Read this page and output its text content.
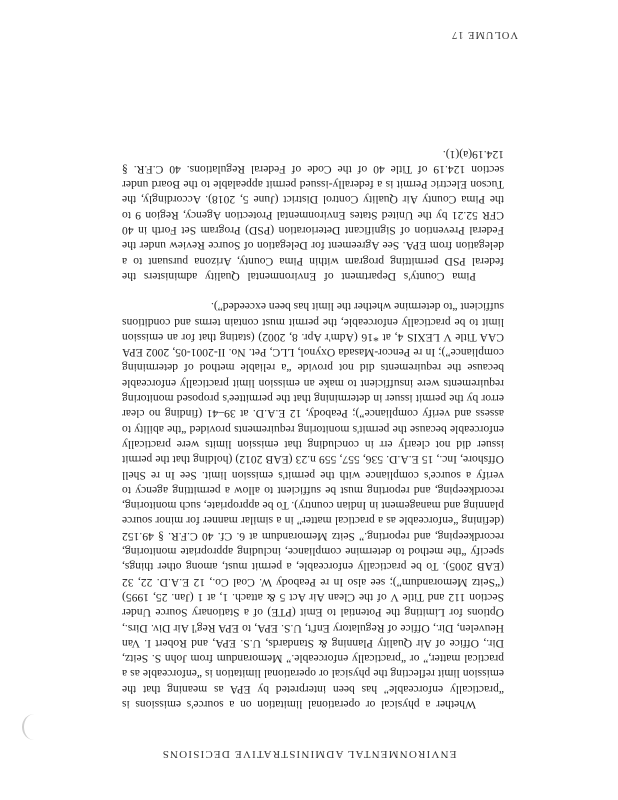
ENVIRONMENTAL ADMINISTRATIVE DECISIONS

Whether a physical or operational limitation on a source's emissions is “practically enforceable” has been interpreted by EPA as meaning that the emission limit reflecting the physical or operational limitation is “enforceable as a practical matter,” or “practically enforceable.” Memorandum from John S. Seitz, Dir., Office of Air Quality Planning & Standards, U.S. EPA, and Robert I. Van Heuvelen, Dir., Office of Regulatory Enf't, U.S. EPA, to EPA Reg'l Air Div. Dirs., Options for Limiting the Potential to Emit (PTE) of a Stationary Source Under Section 112 and Title V of the Clean Air Act 5 & attach. 1, at 1 (Jan. 25, 1995) (“Seitz Memorandum”); see also In re Peabody W. Coal Co., 12 E.A.D. 22, 32 (EAB 2005). To be practically enforceable, a permit must, among other things, specify “the method to determine compliance, including appropriate monitoring, recordkeeping, and reporting.” Seitz Memorandum at 6. Cf. 40 C.F.R. § 49.152 (defining “enforceable as a practical matter” in a similar manner for minor source planning and management in Indian country). To be appropriate, such monitoring, recordkeeping, and reporting must be sufficient to allow a permitting agency to verify a source's compliance with the permit's emission limit. See In re Shell Offshore, Inc., 15 E.A.D. 536, 557, 559 n.23 (EAB 2012) (holding that the permit issuer did not clearly err in concluding that emission limits were practically enforceable because the permit's monitoring requirements provided “the ability to assess and verify compliance”); Peabody, 12 E.A.D. at 39–41 (finding no clear error by the permit issuer in determining that the permittee's proposed monitoring requirements were insufficient to make an emission limit practically enforceable because the requirements did not provide “a reliable method of determining compliance”); In re Pencor-Masada Oxynol, LLC, Pet. No. II-2001-05, 2002 EPA CAA Title V LEXIS 4, at *16 (Adm'r Apr. 8, 2002) (stating that for an emission limit to be practically enforceable, the permit must contain terms and conditions sufficient “to determine whether the limit has been exceeded”).

Pima County's Department of Environmental Quality administers the federal PSD permitting program within Pima County, Arizona pursuant to a delegation from EPA. See Agreement for Delegation of Source Review under the Federal Prevention of Significant Deterioration (PSD) Program Set Forth in 40 CFR 52.21 by the United States Environmental Protection Agency, Region 9 to the Pima County Air Quality Control District (June 5, 2018). Accordingly, the Tucson Electric Permit is a federally-issued permit appealable to the Board under section 124.19 of Title 40 of the Code of Federal Regulations. 40 C.F.R. § 124.19(a)(1).

VOLUME 17
